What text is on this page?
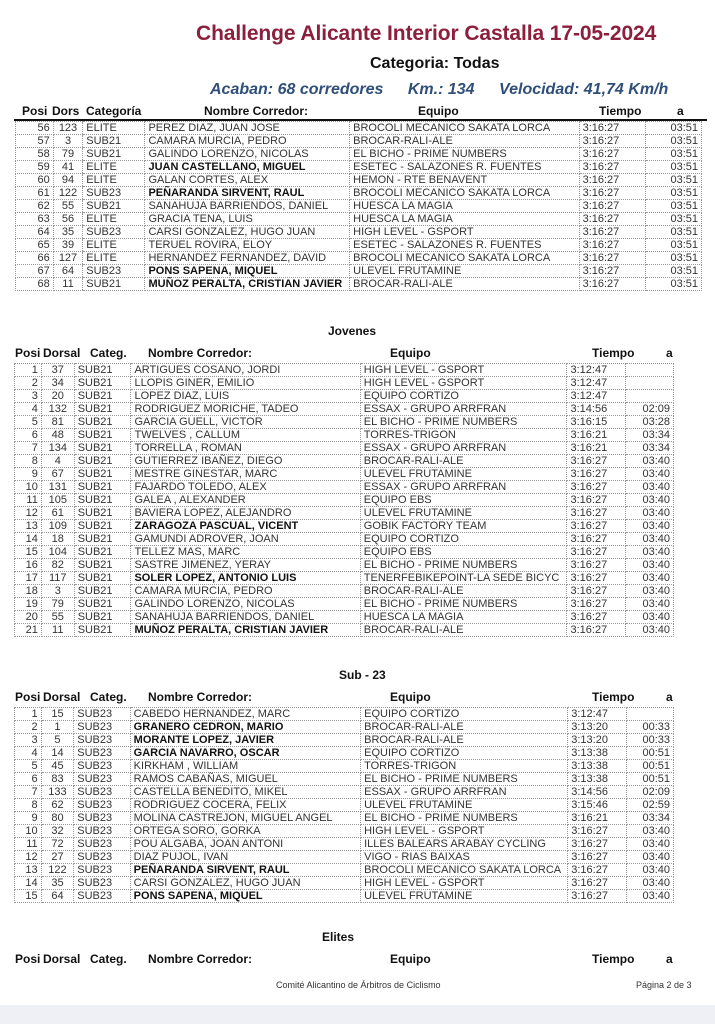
Challenge Alicante Interior Castalla 17-05-2024
Categoria: Todas
Acaban: 68 corredores Km.: 134 Velocidad: 41,74 Km/h
Posi Dors Categoría	Nombre Corredor:	Equipo	Tiempo	a
56	123	ELITE	PEREZ DIAZ, JUAN JOSE	BROCOLI MECANICO SAKATA LORCA	3:16:27	03:51
57	3	SUB21	CAMARA MURCIA, PEDRO	BROCAR-RALI-ALE	3:16:27	03:51
58	79	SUB21	GALINDO LORENZO, NICOLAS	EL BICHO - PRIME NUMBERS	3:16:27	03:51
59	41	ELITE	JUAN CASTELLANO, MIGUEL	ESETEC - SALAZONES R. FUENTES	3:16:27	03:51
60	94	ELITE	GALAN CORTES, ALEX	HEMON - RTE BENAVENT	3:16:27	03:51
61	122	SUB23	PEÑARANDA SIRVENT, RAUL	BROCOLI MECANICO SAKATA LORCA	3:16:27	03:51
62	55	SUB21	SANAHUJA BARRIENDOS, DANIEL	HUESCA LA MAGIA	3:16:27	03:51
63	56	ELITE	GRACIA TENA, LUIS	HUESCA LA MAGIA	3:16:27	03:51
64	35	SUB23	CARSI GONZALEZ, HUGO JUAN	HIGH LEVEL - GSPORT	3:16:27	03:51
65	39	ELITE	TERUEL ROVIRA, ELOY	ESETEC - SALAZONES R. FUENTES	3:16:27	03:51
66	127	ELITE	HERNANDEZ FERNANDEZ, DAVID	BROCOLI MECANICO SAKATA LORCA	3:16:27	03:51
67	64	SUB23	PONS SAPENA, MIQUEL	ULEVEL FRUTAMINE	3:16:27	03:51
68	11	SUB21	MUÑOZ PERALTA, CRISTIAN JAVIER	BROCAR-RALI-ALE	3:16:27	03:51
Jovenes
Posi Dorsal Categ. Nombre Corredor:	Equipo	Tiempo	a
1	37	SUB21	ARTIGUES COSANO, JORDI	HIGH LEVEL - GSPORT	3:12:47	
2	34	SUB21	LLOPIS GINER, EMILIO	HIGH LEVEL - GSPORT	3:12:47	
3	20	SUB21	LOPEZ DIAZ, LUIS	EQUIPO CORTIZO	3:12:47	
4	132	SUB21	RODRIGUEZ MORICHE, TADEO	ESSAX - GRUPO ARRFRAN	3:14:56	02:09
5	81	SUB21	GARCIA GUELL, VICTOR	EL BICHO - PRIME NUMBERS	3:16:15	03:28
6	48	SUB21	TWELVES , CALLUM	TORRES-TRIGON	3:16:21	03:34
7	134	SUB21	TORRELLA , ROMAN	ESSAX - GRUPO ARRFRAN	3:16:21	03:34
8	4	SUB21	GUTIERREZ IBAÑEZ, DIEGO	BROCAR-RALI-ALE	3:16:27	03:40
9	67	SUB21	MESTRE GINESTAR, MARC	ULEVEL FRUTAMINE	3:16:27	03:40
10	131	SUB21	FAJARDO TOLEDO, ALEX	ESSAX - GRUPO ARRFRAN	3:16:27	03:40
11	105	SUB21	GALEA , ALEXANDER	EQUIPO EBS	3:16:27	03:40
12	61	SUB21	BAVIERA LOPEZ, ALEJANDRO	ULEVEL FRUTAMINE	3:16:27	03:40
13	109	SUB21	ZARAGOZA PASCUAL, VICENT	GOBIK FACTORY TEAM	3:16:27	03:40
14	18	SUB21	GAMUNDI ADROVER, JOAN	EQUIPO CORTIZO	3:16:27	03:40
15	104	SUB21	TELLEZ MAS, MARC	EQUIPO EBS	3:16:27	03:40
16	82	SUB21	SASTRE JIMENEZ, YERAY	EL BICHO - PRIME NUMBERS	3:16:27	03:40
17	117	SUB21	SOLER LOPEZ, ANTONIO LUIS	TENERFEBIKEPOINT-LA SEDE BICYC	3:16:27	03:40
18	3	SUB21	CAMARA MURCIA, PEDRO	BROCAR-RALI-ALE	3:16:27	03:40
19	79	SUB21	GALINDO LORENZO, NICOLAS	EL BICHO - PRIME NUMBERS	3:16:27	03:40
20	55	SUB21	SANAHUJA BARRIENDOS, DANIEL	HUESCA LA MAGIA	3:16:27	03:40
21	11	SUB21	MUÑOZ PERALTA, CRISTIAN JAVIER	BROCAR-RALI-ALE	3:16:27	03:40
Sub - 23
Posi Dorsal Categ. Nombre Corredor:	Equipo	Tiempo	a
1	15	SUB23	CABEDO HERNANDEZ, MARC	EQUIPO CORTIZO	3:12:47	
2	1	SUB23	GRANERO CEDRON, MARIO	BROCAR-RALI-ALE	3:13:20	00:33
3	5	SUB23	MORANTE LOPEZ, JAVIER	BROCAR-RALI-ALE	3:13:20	00:33
4	14	SUB23	GARCIA NAVARRO, OSCAR	EQUIPO CORTIZO	3:13:38	00:51
5	45	SUB23	KIRKHAM , WILLIAM	TORRES-TRIGON	3:13:38	00:51
6	83	SUB23	RAMOS CABAÑAS, MIGUEL	EL BICHO - PRIME NUMBERS	3:13:38	00:51
7	133	SUB23	CASTELLA BENEDITO, MIKEL	ESSAX - GRUPO ARRFRAN	3:14:56	02:09
8	62	SUB23	RODRIGUEZ COCERA, FELIX	ULEVEL FRUTAMINE	3:15:46	02:59
9	80	SUB23	MOLINA CASTREJON, MIGUEL ANGEL	EL BICHO - PRIME NUMBERS	3:16:21	03:34
10	32	SUB23	ORTEGA SORO, GORKA	HIGH LEVEL - GSPORT	3:16:27	03:40
11	72	SUB23	POU ALGABA, JOAN ANTONI	ILLES BALEARS ARABAY CYCLING	3:16:27	03:40
12	27	SUB23	DIAZ PUJOL, IVAN	VIGO - RIAS BAIXAS	3:16:27	03:40
13	122	SUB23	PEÑARANDA SIRVENT, RAUL	BROCOLI MECANICO SAKATA LORCA	3:16:27	03:40
14	35	SUB23	CARSI GONZALEZ, HUGO JUAN	HIGH LEVEL - GSPORT	3:16:27	03:40
15	64	SUB23	PONS SAPENA, MIQUEL	ULEVEL FRUTAMINE	3:16:27	03:40
Elites
Posi Dorsal Categ. Nombre Corredor:	Equipo	Tiempo	a
Comité Alicantino de Árbitros de Ciclismo	Página 2 de 3
